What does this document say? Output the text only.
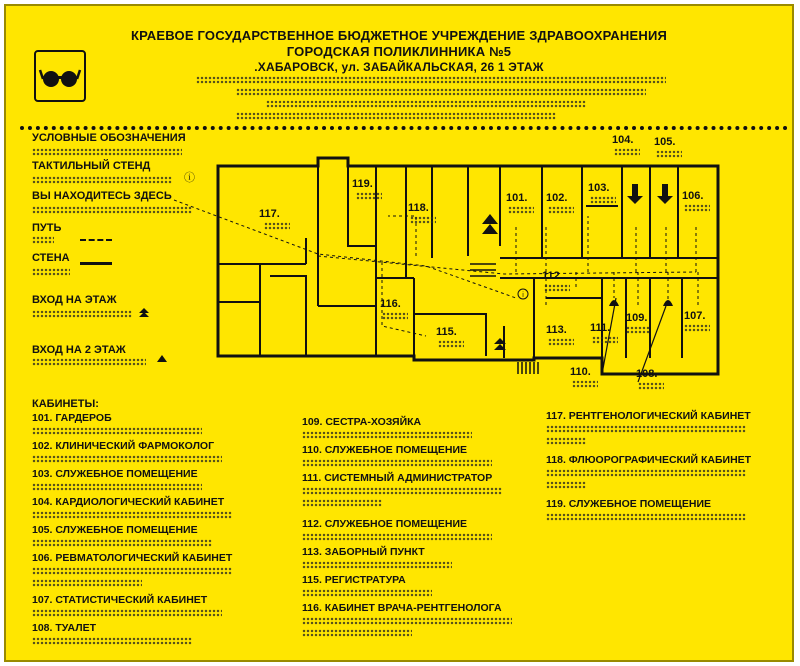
КРАЕВОЕ ГОСУДАРСТВЕННОЕ БЮДЖЕТНОЕ УЧРЕЖДЕНИЕ ЗДРАВООХРАНЕНИЯ
ГОРОДСКАЯ ПОЛИКЛИННИКА №5
.ХАБАРОВСК, ул. ЗАБАЙКАЛЬСКАЯ, 26 1 ЭТАЖ
УСЛОВНЫЕ ОБОЗНАЧЕНИЯ
ТАКТИЛЬНЫЙ СТЕНД
ⓘ
ВЫ НАХОДИТЕСЬ ЗДЕСЬ
ПУТЬ
СТЕНА
ВХОД НА ЭТАЖ
ВХОД НА 2 ЭТАЖ
i
117.
119.
118.
101. 102.
103.
104. 105.
106.
112.
116.
115.	113. 111.
109.	107.
110.	108.
КАБИНЕТЫ:
101. ГАРДЕРОБ
102. КЛИНИЧЕСКИЙ ФАРМОКОЛОГ
103. СЛУЖЕБНОЕ ПОМЕЩЕНИЕ
104. КАРДИОЛОГИЧЕСКИЙ КАБИНЕТ
105. СЛУЖЕБНОЕ ПОМЕЩЕНИЕ
106. РЕВМАТОЛОГИЧЕСКИЙ КАБИНЕТ
107. СТАТИСТИЧЕСКИЙ КАБИНЕТ
108. ТУАЛЕТ
109. СЕСТРА-ХОЗЯЙКА
110. СЛУЖЕБНОЕ ПОМЕЩЕНИЕ
111. СИСТЕМНЫЙ АДМИНИСТРАТОР
112. СЛУЖЕБНОЕ ПОМЕЩЕНИЕ
113. ЗАБОРНЫЙ ПУНКТ
115. РЕГИСТРАТУРА
116. КАБИНЕТ ВРАЧА-РЕНТГЕНОЛОГА
117. РЕНТГЕНОЛОГИЧЕСКИЙ КАБИНЕТ
118. ФЛЮОРОГРАФИЧЕСКИЙ КАБИНЕТ
119. СЛУЖЕБНОЕ ПОМЕЩЕНИЕ
